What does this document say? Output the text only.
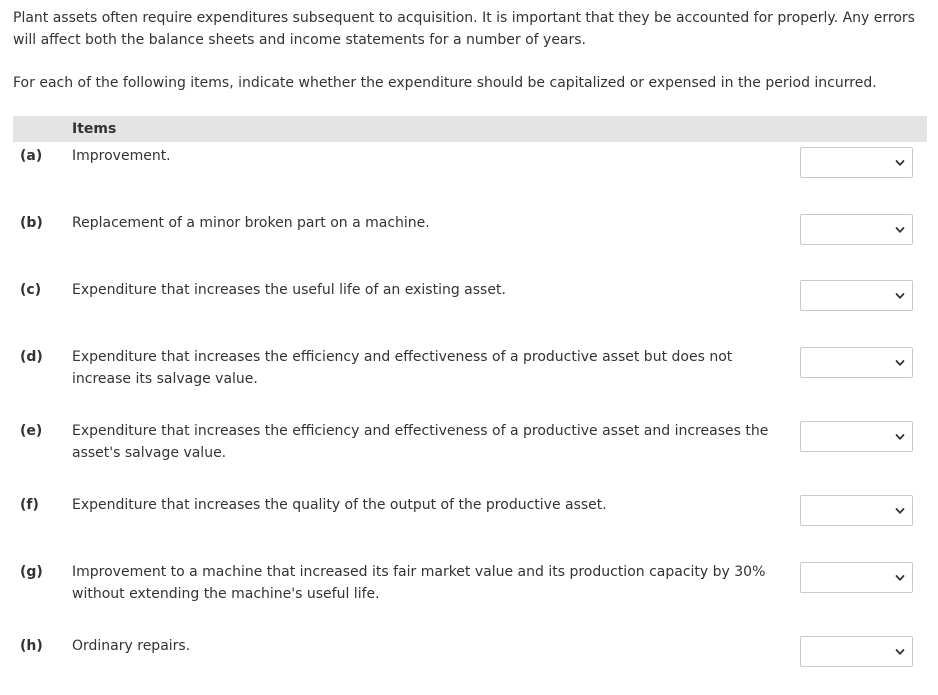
Plant assets often require expenditures subsequent to acquisition. It is important that they be accounted for properly. Any errors will affect both the balance sheets and income statements for a number of years.

For each of the following items, indicate whether the expenditure should be capitalized or expensed in the period incurred.

Items
(a) Improvement.
(b) Replacement of a minor broken part on a machine.
(c) Expenditure that increases the useful life of an existing asset.
(d) Expenditure that increases the efficiency and effectiveness of a productive asset but does not increase its salvage value.
(e) Expenditure that increases the efficiency and effectiveness of a productive asset and increases the asset's salvage value.
(f) Expenditure that increases the quality of the output of the productive asset.
(g) Improvement to a machine that increased its fair market value and its production capacity by 30% without extending the machine's useful life.
(h) Ordinary repairs.
